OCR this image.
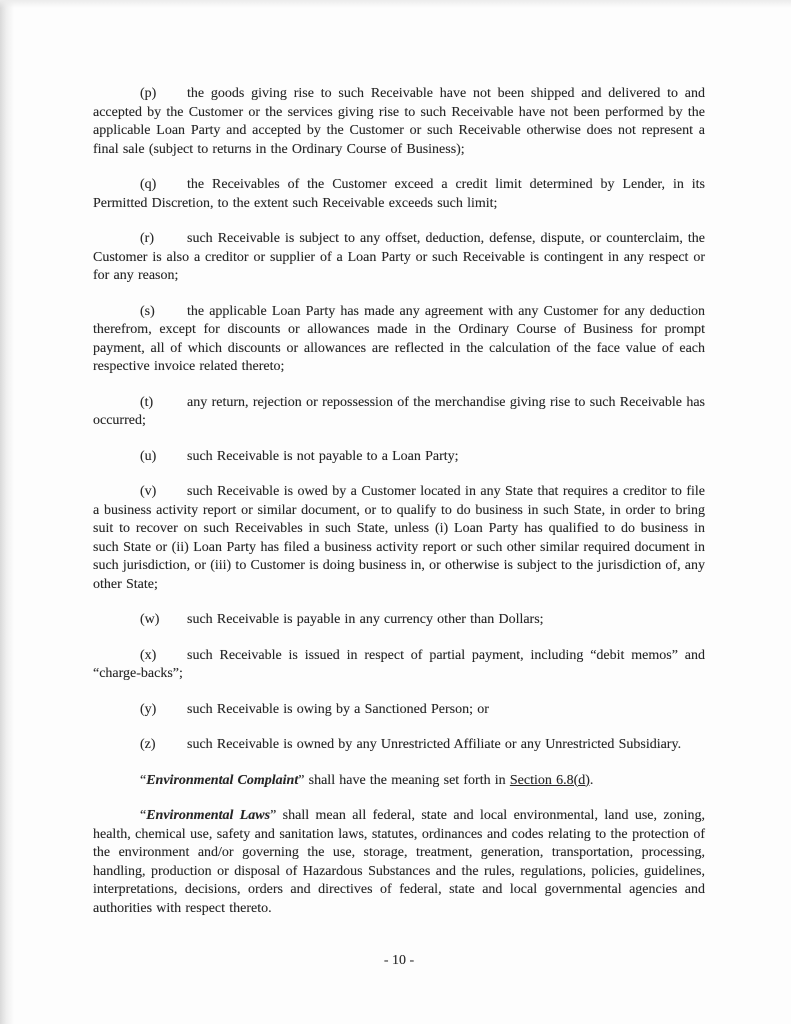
(p) the goods giving rise to such Receivable have not been shipped and delivered to and accepted by the Customer or the services giving rise to such Receivable have not been performed by the applicable Loan Party and accepted by the Customer or such Receivable otherwise does not represent a final sale (subject to returns in the Ordinary Course of Business);

(q) the Receivables of the Customer exceed a credit limit determined by Lender, in its Permitted Discretion, to the extent such Receivable exceeds such limit;

(r) such Receivable is subject to any offset, deduction, defense, dispute, or counterclaim, the Customer is also a creditor or supplier of a Loan Party or such Receivable is contingent in any respect or for any reason;

(s) the applicable Loan Party has made any agreement with any Customer for any deduction therefrom, except for discounts or allowances made in the Ordinary Course of Business for prompt payment, all of which discounts or allowances are reflected in the calculation of the face value of each respective invoice related thereto;

(t) any return, rejection or repossession of the merchandise giving rise to such Receivable has occurred;

(u) such Receivable is not payable to a Loan Party;

(v) such Receivable is owed by a Customer located in any State that requires a creditor to file a business activity report or similar document, or to qualify to do business in such State, in order to bring suit to recover on such Receivables in such State, unless (i) Loan Party has qualified to do business in such State or (ii) Loan Party has filed a business activity report or such other similar required document in such jurisdiction, or (iii) to Customer is doing business in, or otherwise is subject to the jurisdiction of, any other State;

(w) such Receivable is payable in any currency other than Dollars;

(x) such Receivable is issued in respect of partial payment, including “debit memos” and “charge-backs”;

(y) such Receivable is owing by a Sanctioned Person; or

(z) such Receivable is owned by any Unrestricted Affiliate or any Unrestricted Subsidiary.

“Environmental Complaint” shall have the meaning set forth in Section 6.8(d).

“Environmental Laws” shall mean all federal, state and local environmental, land use, zoning, health, chemical use, safety and sanitation laws, statutes, ordinances and codes relating to the protection of the environment and/or governing the use, storage, treatment, generation, transportation, processing, handling, production or disposal of Hazardous Substances and the rules, regulations, policies, guidelines, interpretations, decisions, orders and directives of federal, state and local governmental agencies and authorities with respect thereto.

- 10 -
